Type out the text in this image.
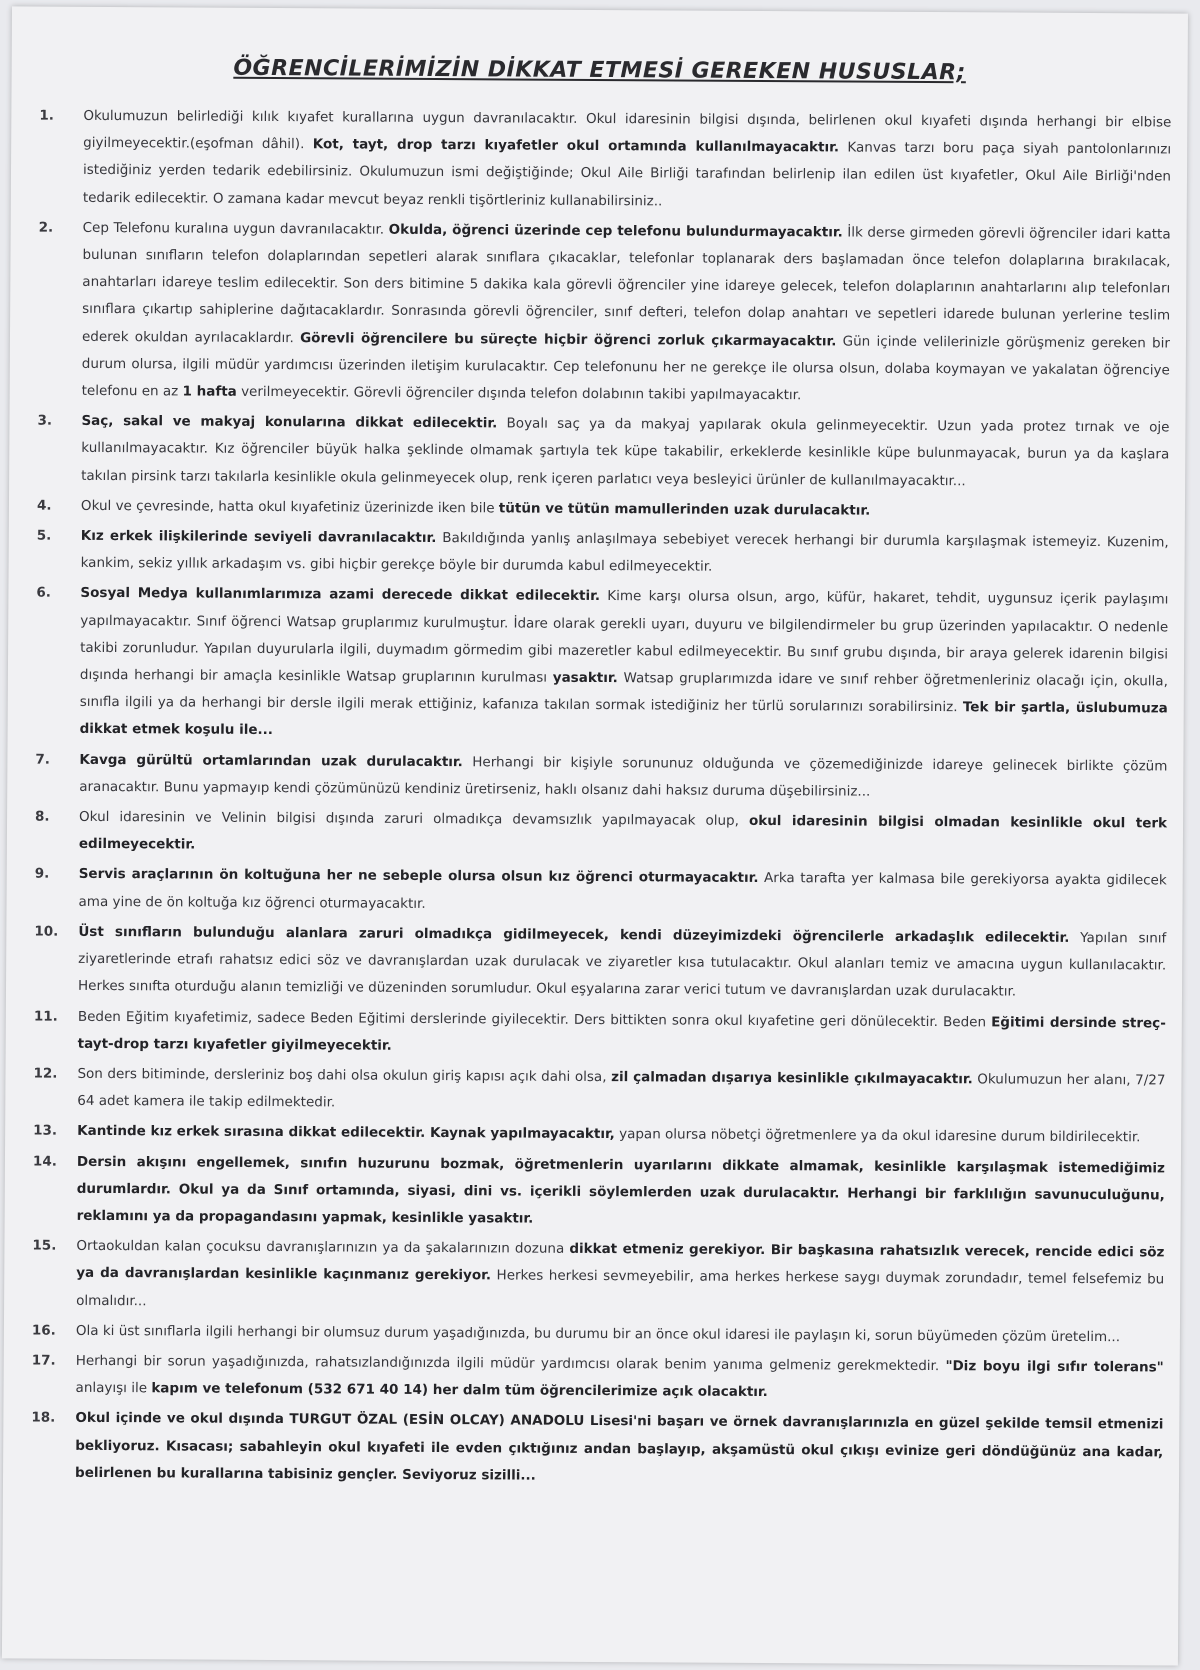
ÖĞRENCİLERİMİZİN DİKKAT ETMESİ GEREKEN HUSUSLAR;
1.	Okulumuzun belirlediği kılık kıyafet kurallarına uygun davranılacaktır. Okul idaresinin bilgisi dışında, belirlenen okul kıyafeti dışında herhangi bir elbise giyilmeyecektir.(eşofman dâhil). Kot, tayt, drop tarzı kıyafetler okul ortamında kullanılmayacaktır. Kanvas tarzı boru paça siyah pantolonlarınızı istediğiniz yerden tedarik edebilirsiniz. Okulumuzun ismi değiştiğinde; Okul Aile Birliği tarafından belirlenip ilan edilen üst kıyafetler, Okul Aile Birliği'nden tedarik edilecektir. O zamana kadar mevcut beyaz renkli tişörtleriniz kullanabilirsiniz..
2.	Cep Telefonu kuralına uygun davranılacaktır. Okulda, öğrenci üzerinde cep telefonu bulundurmayacaktır. İlk derse girmeden görevli öğrenciler idari katta bulunan sınıfların telefon dolaplarından sepetleri alarak sınıflara çıkacaklar, telefonlar toplanarak ders başlamadan önce telefon dolaplarına bırakılacak, anahtarları idareye teslim edilecektir. Son ders bitimine 5 dakika kala görevli öğrenciler yine idareye gelecek, telefon dolaplarının anahtarlarını alıp telefonları sınıflara çıkartıp sahiplerine dağıtacaklardır. Sonrasında görevli öğrenciler, sınıf defteri, telefon dolap anahtarı ve sepetleri idarede bulunan yerlerine teslim ederek okuldan ayrılacaklardır. Görevli öğrencilere bu süreçte hiçbir öğrenci zorluk çıkarmayacaktır. Gün içinde velilerinizle görüşmeniz gereken bir durum olursa, ilgili müdür yardımcısı üzerinden iletişim kurulacaktır. Cep telefonunu her ne gerekçe ile olursa olsun, dolaba koymayan ve yakalatan öğrenciye telefonu en az 1 hafta verilmeyecektir. Görevli öğrenciler dışında telefon dolabının takibi yapılmayacaktır.
3.	Saç, sakal ve makyaj konularına dikkat edilecektir. Boyalı saç ya da makyaj yapılarak okula gelinmeyecektir. Uzun yada protez tırnak ve oje kullanılmayacaktır. Kız öğrenciler büyük halka şeklinde olmamak şartıyla tek küpe takabilir, erkeklerde kesinlikle küpe bulunmayacak, burun ya da kaşlara takılan pirsink tarzı takılarla kesinlikle okula gelinmeyecek olup, renk içeren parlatıcı veya besleyici ürünler de kullanılmayacaktır...
4.	Okul ve çevresinde, hatta okul kıyafetiniz üzerinizde iken bile tütün ve tütün mamullerinden uzak durulacaktır.
5.	Kız erkek ilişkilerinde seviyeli davranılacaktır. Bakıldığında yanlış anlaşılmaya sebebiyet verecek herhangi bir durumla karşılaşmak istemeyiz. Kuzenim, kankim, sekiz yıllık arkadaşım vs. gibi hiçbir gerekçe böyle bir durumda kabul edilmeyecektir.
6.	Sosyal Medya kullanımlarımıza azami derecede dikkat edilecektir. Kime karşı olursa olsun, argo, küfür, hakaret, tehdit, uygunsuz içerik paylaşımı yapılmayacaktır. Sınıf öğrenci Watsap gruplarımız kurulmuştur. İdare olarak gerekli uyarı, duyuru ve bilgilendirmeler bu grup üzerinden yapılacaktır. O nedenle takibi zorunludur. Yapılan duyurularla ilgili, duymadım görmedim gibi mazeretler kabul edilmeyecektir. Bu sınıf grubu dışında, bir araya gelerek idarenin bilgisi dışında herhangi bir amaçla kesinlikle Watsap gruplarının kurulması yasaktır. Watsap gruplarımızda idare ve sınıf rehber öğretmenleriniz olacağı için, okulla, sınıfla ilgili ya da herhangi bir dersle ilgili merak ettiğiniz, kafanıza takılan sormak istediğiniz her türlü sorularınızı sorabilirsiniz. Tek bir şartla, üslubumuza dikkat etmek koşulu ile...
7.	Kavga gürültü ortamlarından uzak durulacaktır. Herhangi bir kişiyle sorununuz olduğunda ve çözemediğinizde idareye gelinecek birlikte çözüm aranacaktır. Bunu yapmayıp kendi çözümünüzü kendiniz üretirseniz, haklı olsanız dahi haksız duruma düşebilirsiniz...
8.	Okul idaresinin ve Velinin bilgisi dışında zaruri olmadıkça devamsızlık yapılmayacak olup, okul idaresinin bilgisi olmadan kesinlikle okul terk edilmeyecektir.
9.	Servis araçlarının ön koltuğuna her ne sebeple olursa olsun kız öğrenci oturmayacaktır. Arka tarafta yer kalmasa bile gerekiyorsa ayakta gidilecek ama yine de ön koltuğa kız öğrenci oturmayacaktır.
10.	Üst sınıfların bulunduğu alanlara zaruri olmadıkça gidilmeyecek, kendi düzeyimizdeki öğrencilerle arkadaşlık edilecektir. Yapılan sınıf ziyaretlerinde etrafı rahatsız edici söz ve davranışlardan uzak durulacak ve ziyaretler kısa tutulacaktır. Okul alanları temiz ve amacına uygun kullanılacaktır. Herkes sınıfta oturduğu alanın temizliği ve düzeninden sorumludur. Okul eşyalarına zarar verici tutum ve davranışlardan uzak durulacaktır.
11.	Beden Eğitim kıyafetimiz, sadece Beden Eğitimi derslerinde giyilecektir. Ders bittikten sonra okul kıyafetine geri dönülecektir. Beden Eğitimi dersinde streç-tayt-drop tarzı kıyafetler giyilmeyecektir.
12.	Son ders bitiminde, dersleriniz boş dahi olsa okulun giriş kapısı açık dahi olsa, zil çalmadan dışarıya kesinlikle çıkılmayacaktır. Okulumuzun her alanı, 7/27 64 adet kamera ile takip edilmektedir.
13.	Kantinde kız erkek sırasına dikkat edilecektir. Kaynak yapılmayacaktır, yapan olursa nöbetçi öğretmenlere ya da okul idaresine durum bildirilecektir.
14.	Dersin akışını engellemek, sınıfın huzurunu bozmak, öğretmenlerin uyarılarını dikkate almamak, kesinlikle karşılaşmak istemediğimiz durumlardır. Okul ya da Sınıf ortamında, siyasi, dini vs. içerikli söylemlerden uzak durulacaktır. Herhangi bir farklılığın savunuculuğunu, reklamını ya da propagandasını yapmak, kesinlikle yasaktır.
15.	Ortaokuldan kalan çocuksu davranışlarınızın ya da şakalarınızın dozuna dikkat etmeniz gerekiyor. Bir başkasına rahatsızlık verecek, rencide edici söz ya da davranışlardan kesinlikle kaçınmanız gerekiyor. Herkes herkesi sevmeyebilir, ama herkes herkese saygı duymak zorundadır, temel felsefemiz bu olmalıdır...
16.	Ola ki üst sınıflarla ilgili herhangi bir olumsuz durum yaşadığınızda, bu durumu bir an önce okul idaresi ile paylaşın ki, sorun büyümeden çözüm üretelim...
17.	Herhangi bir sorun yaşadığınızda, rahatsızlandığınızda ilgili müdür yardımcısı olarak benim yanıma gelmeniz gerekmektedir. "Diz boyu ilgi sıfır tolerans" anlayışı ile kapım ve telefonum (532 671 40 14) her dalm tüm öğrencilerimize açık olacaktır.
18.	Okul içinde ve okul dışında TURGUT ÖZAL (ESİN OLCAY) ANADOLU Lisesi'ni başarı ve örnek davranışlarınızla en güzel şekilde temsil etmenizi bekliyoruz. Kısacası; sabahleyin okul kıyafeti ile evden çıktığınız andan başlayıp, akşamüstü okul çıkışı evinize geri döndüğünüz ana kadar, belirlenen bu kurallarına tabisiniz gençler. Seviyoruz sizilli...
